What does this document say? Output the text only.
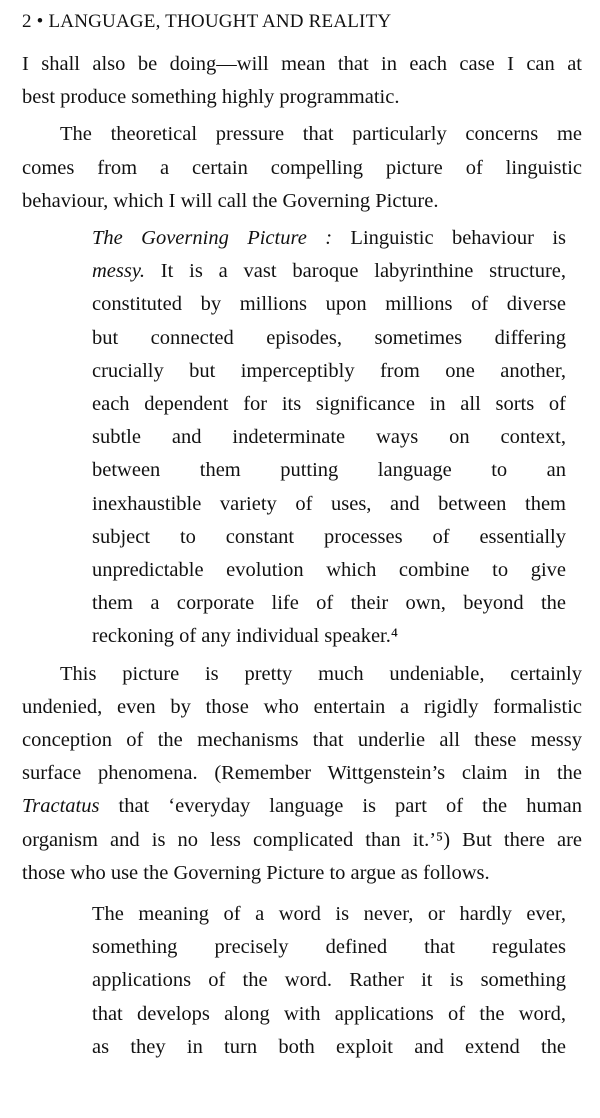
2 • LANGUAGE, THOUGHT AND REALITY
I shall also be doing—will mean that in each case I can at
best produce something highly programmatic.
The theoretical pressure that particularly concerns me
comes from a certain compelling picture of linguistic
behaviour, which I will call the Governing Picture.
The Governing Picture : Linguistic behaviour is
messy. It is a vast baroque labyrinthine structure,
constituted by millions upon millions of diverse
but connected episodes, sometimes differing
crucially but imperceptibly from one another,
each dependent for its significance in all sorts of
subtle and indeterminate ways on context,
between them putting language to an
inexhaustible variety of uses, and between them
subject to constant processes of essentially
unpredictable evolution which combine to give
them a corporate life of their own, beyond the
reckoning of any individual speaker.⁴
This picture is pretty much undeniable, certainly
undenied, even by those who entertain a rigidly formalistic
conception of the mechanisms that underlie all these messy
surface phenomena. (Remember Wittgenstein’s claim in the
Tractatus that ‘everyday language is part of the human
organism and is no less complicated than it.’⁵) But there are
those who use the Governing Picture to argue as follows.
The meaning of a word is never, or hardly ever,
something precisely defined that regulates
applications of the word. Rather it is something
that develops along with applications of the word,
as they in turn both exploit and extend the
